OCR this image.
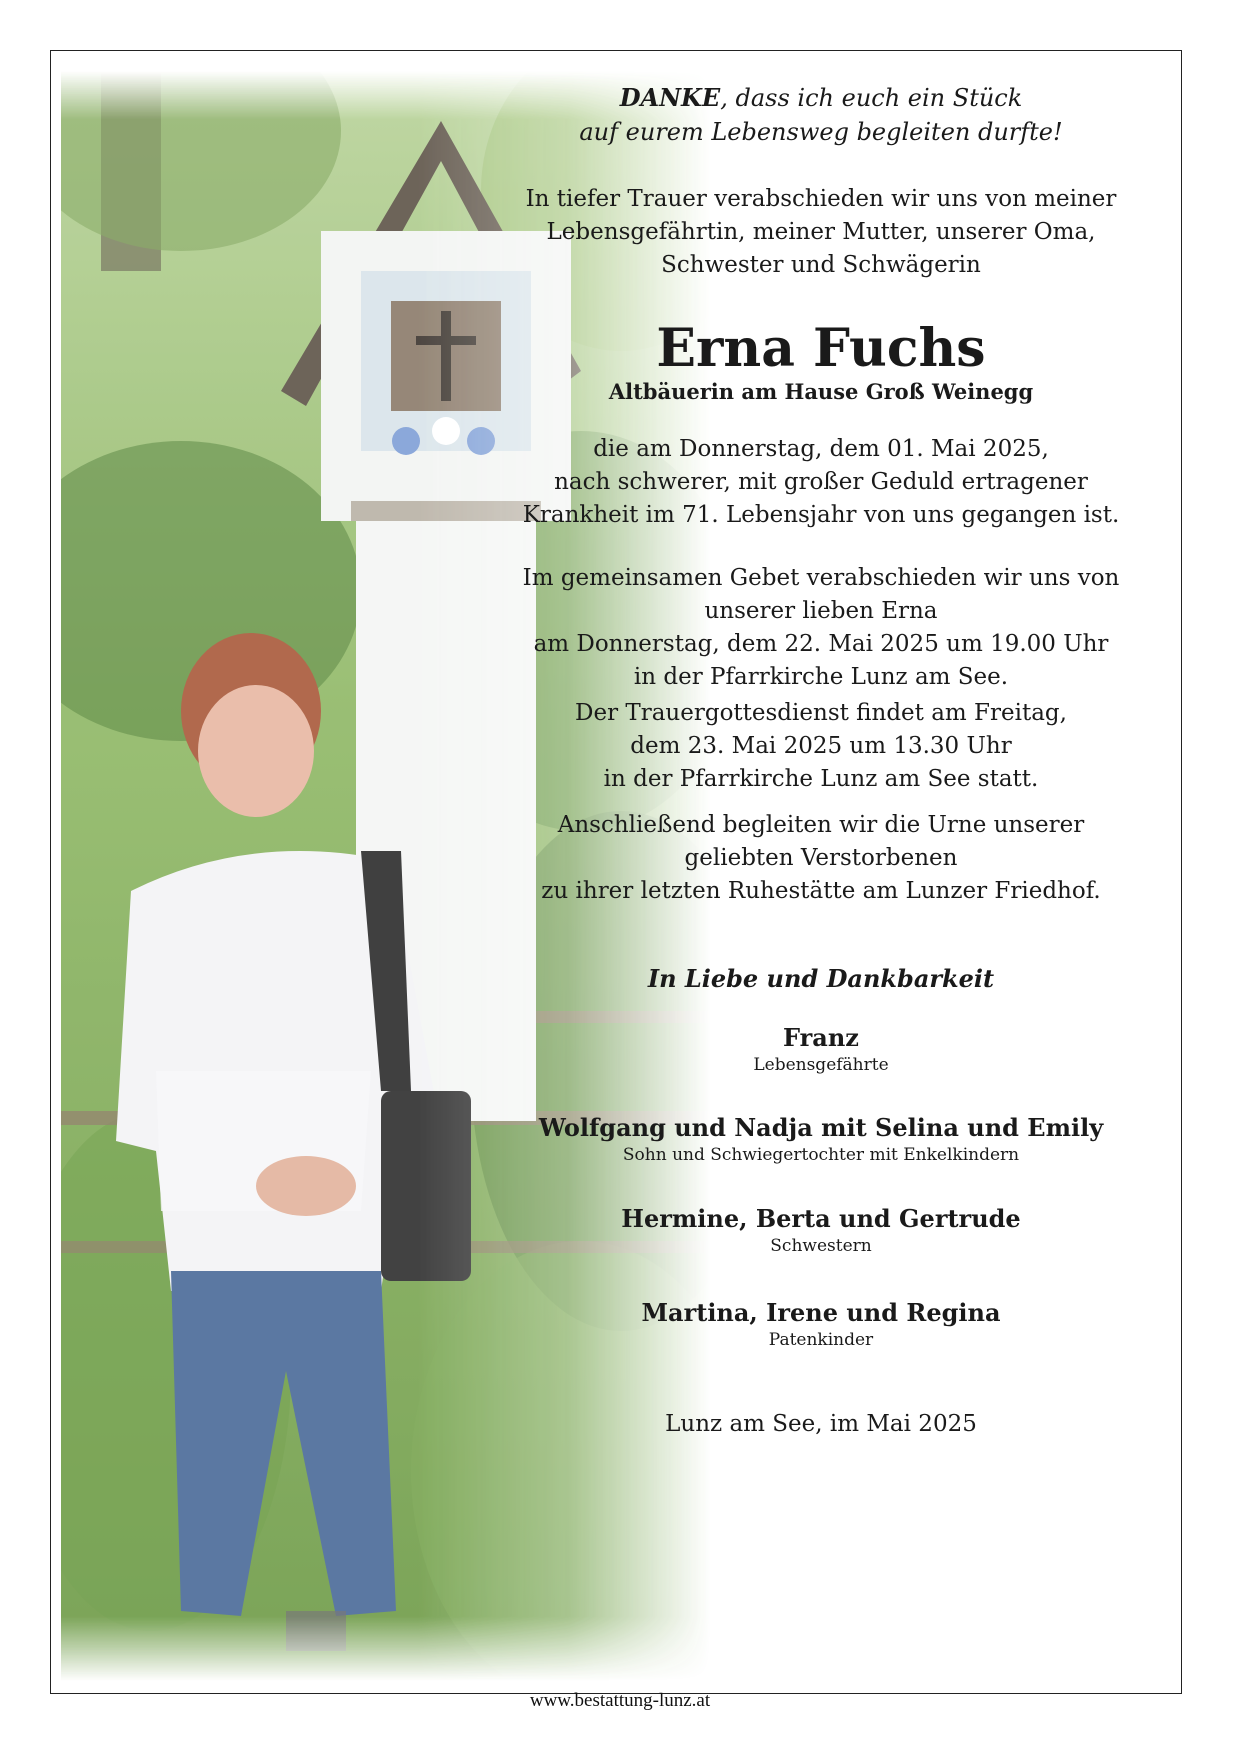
DANKE, dass ich euch ein Stück
auf eurem Lebensweg begleiten durfte!
In tiefer Trauer verabschieden wir uns von meiner
Lebensgefährtin, meiner Mutter, unserer Oma,
Schwester und Schwägerin
Erna Fuchs
Altbäuerin am Hause Groß Weinegg
die am Donnerstag, dem 01. Mai 2025,
nach schwerer, mit großer Geduld ertragener
Krankheit im 71. Lebensjahr von uns gegangen ist.
Im gemeinsamen Gebet verabschieden wir uns von
unserer lieben Erna
am Donnerstag, dem 22. Mai 2025 um 19.00 Uhr
in der Pfarrkirche Lunz am See.
Der Trauergottesdienst findet am Freitag,
dem 23. Mai 2025 um 13.30 Uhr
in der Pfarrkirche Lunz am See statt.
Anschließend begleiten wir die Urne unserer
geliebten Verstorbenen
zu ihrer letzten Ruhestätte am Lunzer Friedhof.
In Liebe und Dankbarkeit
Franz
Lebensgefährte
Wolfgang und Nadja mit Selina und Emily
Sohn und Schwiegertochter mit Enkelkindern
Hermine, Berta und Gertrude
Schwestern
Martina, Irene und Regina
Patenkinder
Lunz am See, im Mai 2025
www.bestattung-lunz.at
